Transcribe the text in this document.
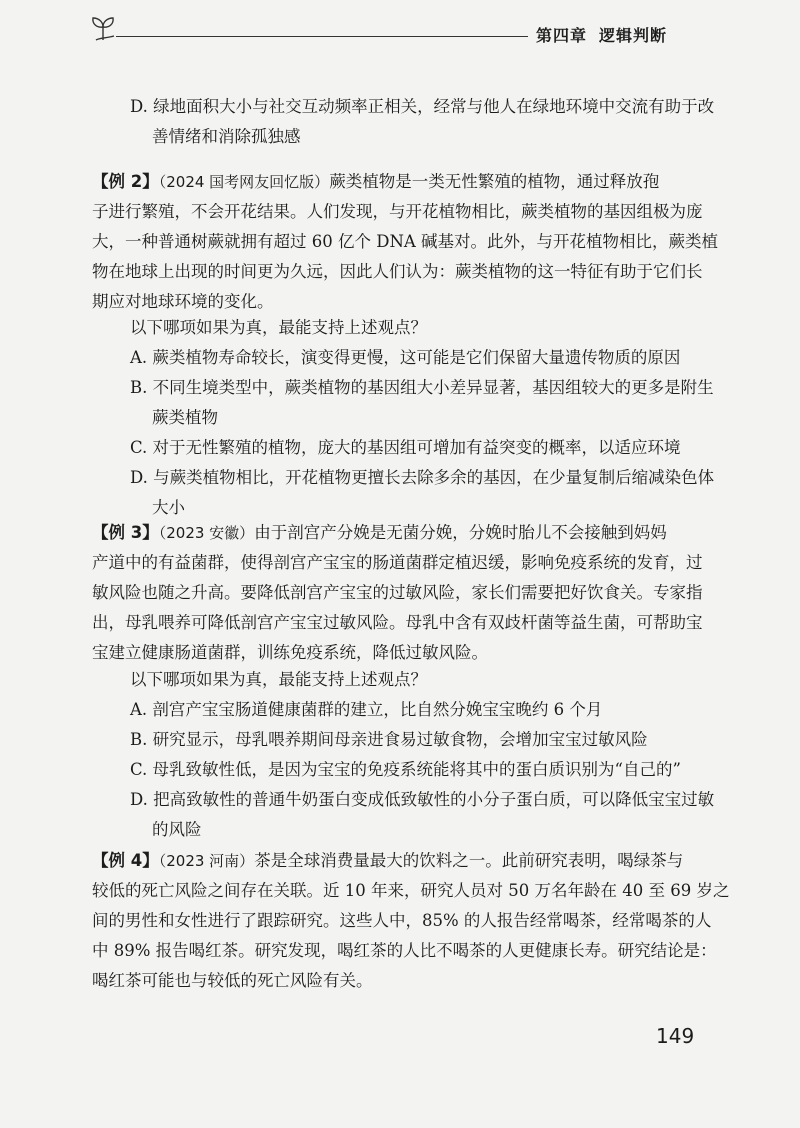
第四章 逻辑判断
D. 绿地面积大小与社交互动频率正相关，经常与他人在绿地环境中交流有助于改
善情绪和消除孤独感
【例 2】（2024 国考网友回忆版）蕨类植物是一类无性繁殖的植物，通过释放孢
子进行繁殖，不会开花结果。人们发现，与开花植物相比，蕨类植物的基因组极为庞
大，一种普通树蕨就拥有超过 60 亿个 DNA 碱基对。此外，与开花植物相比，蕨类植
物在地球上出现的时间更为久远，因此人们认为：蕨类植物的这一特征有助于它们长
期应对地球环境的变化。
以下哪项如果为真，最能支持上述观点？
A. 蕨类植物寿命较长，演变得更慢，这可能是它们保留大量遗传物质的原因
B. 不同生境类型中，蕨类植物的基因组大小差异显著，基因组较大的更多是附生
蕨类植物
C. 对于无性繁殖的植物，庞大的基因组可增加有益突变的概率，以适应环境
D. 与蕨类植物相比，开花植物更擅长去除多余的基因，在少量复制后缩减染色体
大小
【例 3】（2023 安徽）由于剖宫产分娩是无菌分娩，分娩时胎儿不会接触到妈妈
产道中的有益菌群，使得剖宫产宝宝的肠道菌群定植迟缓，影响免疫系统的发育，过
敏风险也随之升高。要降低剖宫产宝宝的过敏风险，家长们需要把好饮食关。专家指
出，母乳喂养可降低剖宫产宝宝过敏风险。母乳中含有双歧杆菌等益生菌，可帮助宝
宝建立健康肠道菌群，训练免疫系统，降低过敏风险。
以下哪项如果为真，最能支持上述观点？
A. 剖宫产宝宝肠道健康菌群的建立，比自然分娩宝宝晚约 6 个月
B. 研究显示，母乳喂养期间母亲进食易过敏食物，会增加宝宝过敏风险
C. 母乳致敏性低，是因为宝宝的免疫系统能将其中的蛋白质识别为“自己的”
D. 把高致敏性的普通牛奶蛋白变成低致敏性的小分子蛋白质，可以降低宝宝过敏
的风险
【例 4】（2023 河南）茶是全球消费量最大的饮料之一。此前研究表明，喝绿茶与
较低的死亡风险之间存在关联。近 10 年来，研究人员对 50 万名年龄在 40 至 69 岁之
间的男性和女性进行了跟踪研究。这些人中，85% 的人报告经常喝茶，经常喝茶的人
中 89% 报告喝红茶。研究发现，喝红茶的人比不喝茶的人更健康长寿。研究结论是：
喝红茶可能也与较低的死亡风险有关。
149
